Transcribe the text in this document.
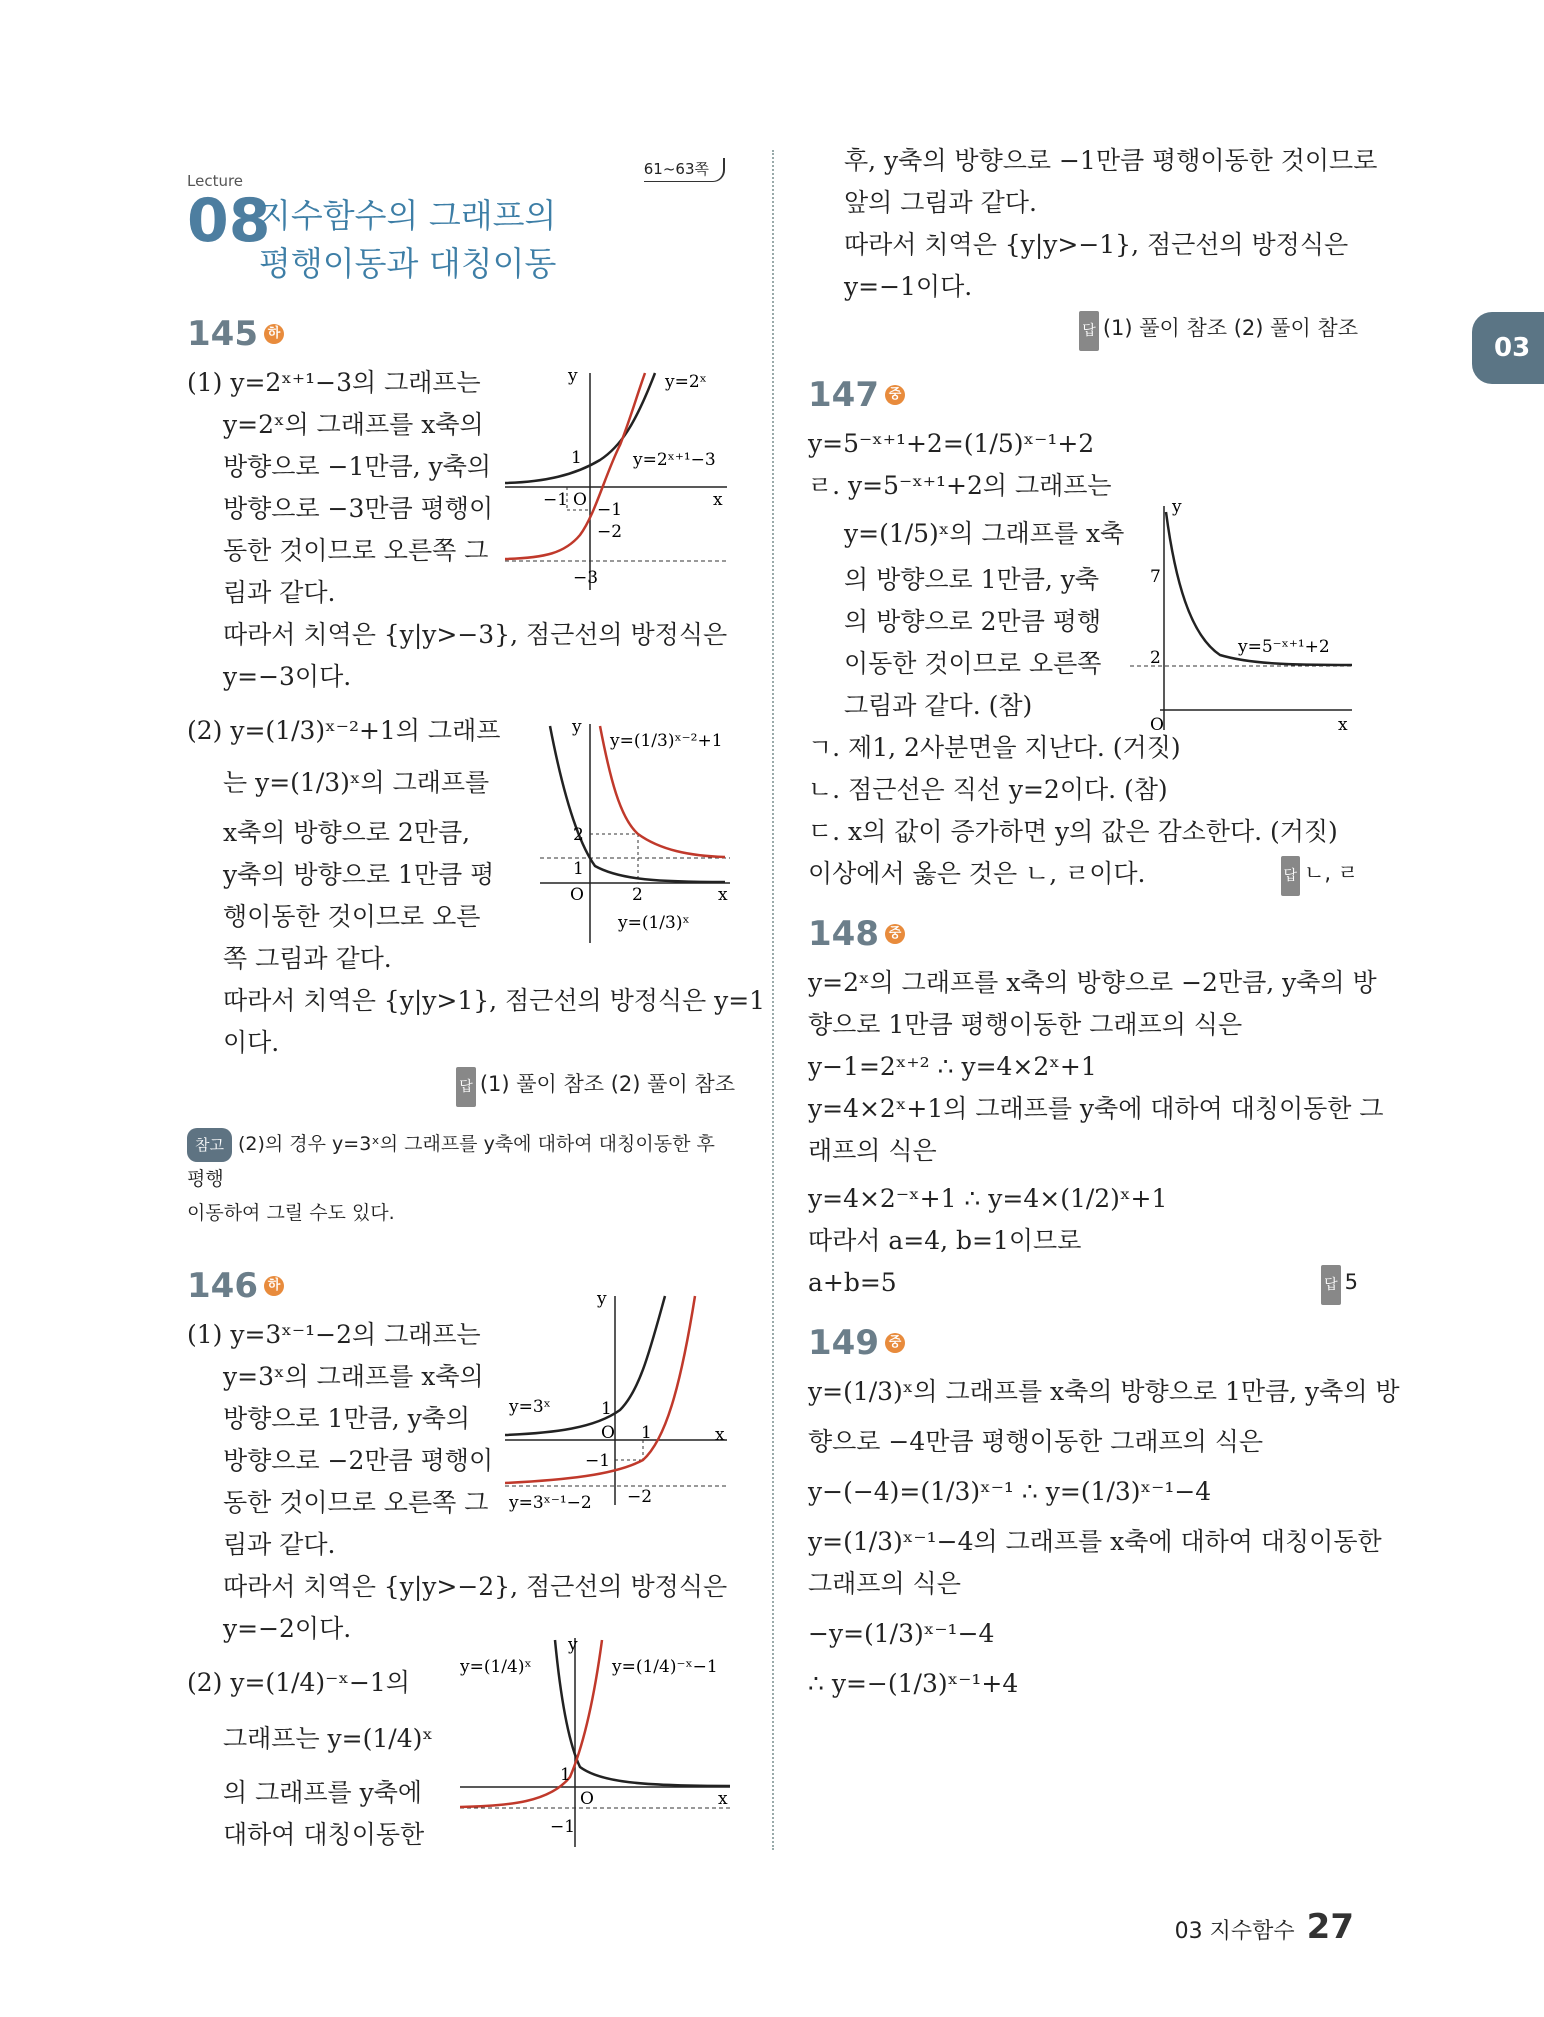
03
Lecture
08
지수함수의 그래프의
평행이동과 대칭이동
61~63쪽
145 하
(1) y=2ˣ⁺¹−3의 그래프는
y=2ˣ의 그래프를 x축의
방향으로 −1만큼, y축의
방향으로 −3만큼 평행이
동한 것이므로 오른쪽 그
림과 같다.
따라서 치역은 {y|y>−3}, 점근선의 방정식은
y=−3이다.
(2) y=(1/3)ˣ⁻²+1의 그래프
는 y=(1/3)ˣ의 그래프를
x축의 방향으로 2만큼,
y축의 방향으로 1만큼 평
행이동한 것이므로 오른
쪽 그림과 같다.
따라서 치역은 {y|y>1}, 점근선의 방정식은 y=1
이다.
답 (1) 풀이 참조 (2) 풀이 참조
참고 (2)의 경우 y=3ˣ의 그래프를 y축에 대하여 대칭이동한 후 평행
이동하여 그릴 수도 있다.
146 하
(1) y=3ˣ⁻¹−2의 그래프는
y=3ˣ의 그래프를 x축의
방향으로 1만큼, y축의
방향으로 −2만큼 평행이
동한 것이므로 오른쪽 그
림과 같다.
따라서 치역은 {y|y>−2}, 점근선의 방정식은
y=−2이다.
(2) y=(1/4)⁻ˣ−1의
그래프는 y=(1/4)ˣ
의 그래프를 y축에
대하여 대칭이동한
후, y축의 방향으로 −1만큼 평행이동한 것이므로
앞의 그림과 같다.
따라서 치역은 {y|y>−1}, 점근선의 방정식은
y=−1이다.
답 (1) 풀이 참조 (2) 풀이 참조
147 중
y=5⁻ˣ⁺¹+2=(1/5)ˣ⁻¹+2
ㄹ. y=5⁻ˣ⁺¹+2의 그래프는
y=(1/5)ˣ의 그래프를 x축
의 방향으로 1만큼, y축
의 방향으로 2만큼 평행
이동한 것이므로 오른쪽
그림과 같다. (참)
ㄱ. 제1, 2사분면을 지난다. (거짓)
ㄴ. 점근선은 직선 y=2이다. (참)
ㄷ. x의 값이 증가하면 y의 값은 감소한다. (거짓)
이상에서 옳은 것은 ㄴ, ㄹ이다.	답 ㄴ, ㄹ
148 중
y=2ˣ의 그래프를 x축의 방향으로 −2만큼, y축의 방
향으로 1만큼 평행이동한 그래프의 식은
y−1=2ˣ⁺² ∴ y=4×2ˣ+1
y=4×2ˣ+1의 그래프를 y축에 대하여 대칭이동한 그
래프의 식은
y=4×2⁻ˣ+1 ∴ y=4×(1/2)ˣ+1
따라서 a=4, b=1이므로
a+b=5	답 5
149 중
y=(1/3)ˣ의 그래프를 x축의 방향으로 1만큼, y축의 방
향으로 −4만큼 평행이동한 그래프의 식은
y−(−4)=(1/3)ˣ⁻¹ ∴ y=(1/3)ˣ⁻¹−4
y=(1/3)ˣ⁻¹−4의 그래프를 x축에 대하여 대칭이동한
그래프의 식은
−y=(1/3)ˣ⁻¹−4
∴ y=−(1/3)ˣ⁻¹+4
y	y=2ˣ
y=2ˣ⁺¹−3
1
−1 O	x
−1
−2
−3
y
y=(1/3)ˣ⁻²+1
2
1
O	2	x
y=(1/3)ˣ
y
y=3ˣ	1
O 1	x
−1
y=3ˣ⁻¹−2 −2
y=(1/4)ˣ
y
y=(1/4)⁻ˣ−1
1
O	x
−1
y
7
y=5⁻ˣ⁺¹+2
2
O	x
03 지수함수 27
